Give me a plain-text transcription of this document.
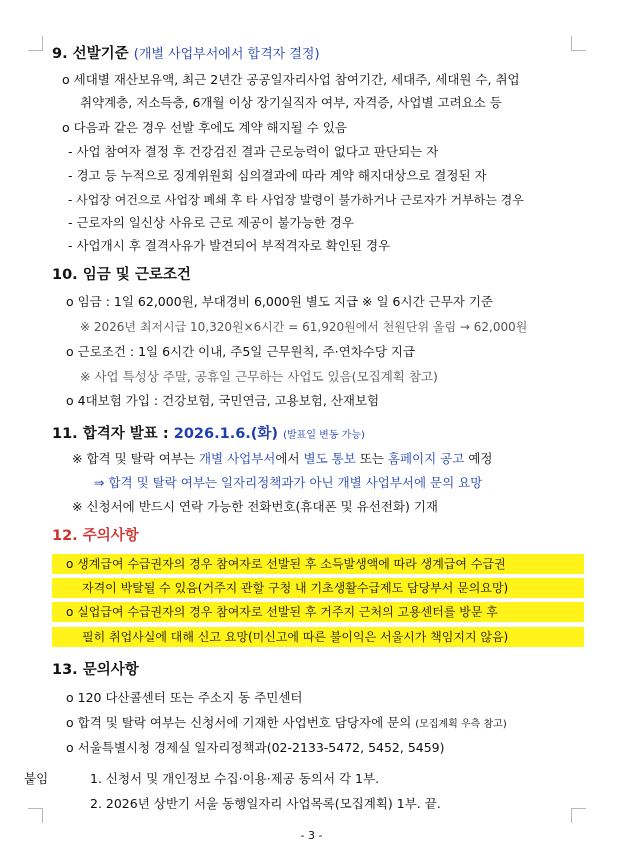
9. 선발기준 (개별 사업부서에서 합격자 결정)
o 세대별 재산보유액, 최근 2년간 공공일자리사업 참여기간, 세대주, 세대원 수, 취업
취약계층, 저소득층, 6개월 이상 장기실직자 여부, 자격증, 사업별 고려요소 등
o 다음과 같은 경우 선발 후에도 계약 해지될 수 있음
- 사업 참여자 결정 후 건강검진 결과 근로능력이 없다고 판단되는 자
- 경고 등 누적으로 징계위원회 심의결과에 따라 계약 해지대상으로 결정된 자
- 사업장 여건으로 사업장 폐쇄 후 타 사업장 발령이 불가하거나 근로자가 거부하는 경우
- 근로자의 일신상 사유로 근로 제공이 불가능한 경우
- 사업개시 후 결격사유가 발견되어 부적격자로 확인된 경우
10. 임금 및 근로조건
o 임금 : 1일 62,000원, 부대경비 6,000원 별도 지급 ※ 일 6시간 근무자 기준
※ 2026년 최저시급 10,320원×6시간 = 61,920원에서 천원단위 올림 → 62,000원
o 근로조건 : 1일 6시간 이내, 주5일 근무원칙, 주·연차수당 지급
※ 사업 특성상 주말, 공휴일 근무하는 사업도 있음(모집계획 참고)
o 4대보험 가입 : 건강보험, 국민연금, 고용보험, 산재보험
11. 합격자 발표 : 2026.1.6.(화) (발표일 변동 가능)
※ 합격 및 탈락 여부는 개별 사업부서에서 별도 통보 또는 홈페이지 공고 예정
⇒ 합격 및 탈락 여부는 일자리정책과가 아닌 개별 사업부서에 문의 요망
※ 신청서에 반드시 연락 가능한 전화번호(휴대폰 및 유선전화) 기재
12. 주의사항
o 생계급여 수급권자의 경우 참여자로 선발된 후 소득발생액에 따라 생계급여 수급권
자격이 박탈될 수 있음(거주지 관할 구청 내 기초생활수급제도 담당부서 문의요망)
o 실업급여 수급권자의 경우 참여자로 선발된 후 거주지 근처의 고용센터를 방문 후
필히 취업사실에 대해 신고 요망(미신고에 따른 불이익은 서울시가 책임지지 않음)
13. 문의사항
o 120 다산콜센터 또는 주소지 동 주민센터
o 합격 및 탈락 여부는 신청서에 기재한 사업번호 담당자에 문의 (모집계획 우측 참고)
o 서울특별시청 경제실 일자리정책과(02-2133-5472, 5452, 5459)
붙임	1. 신청서 및 개인정보 수집·이용·제공 동의서 각 1부.
2. 2026년 상반기 서울 동행일자리 사업목록(모집계획) 1부. 끝.
- 3 -
